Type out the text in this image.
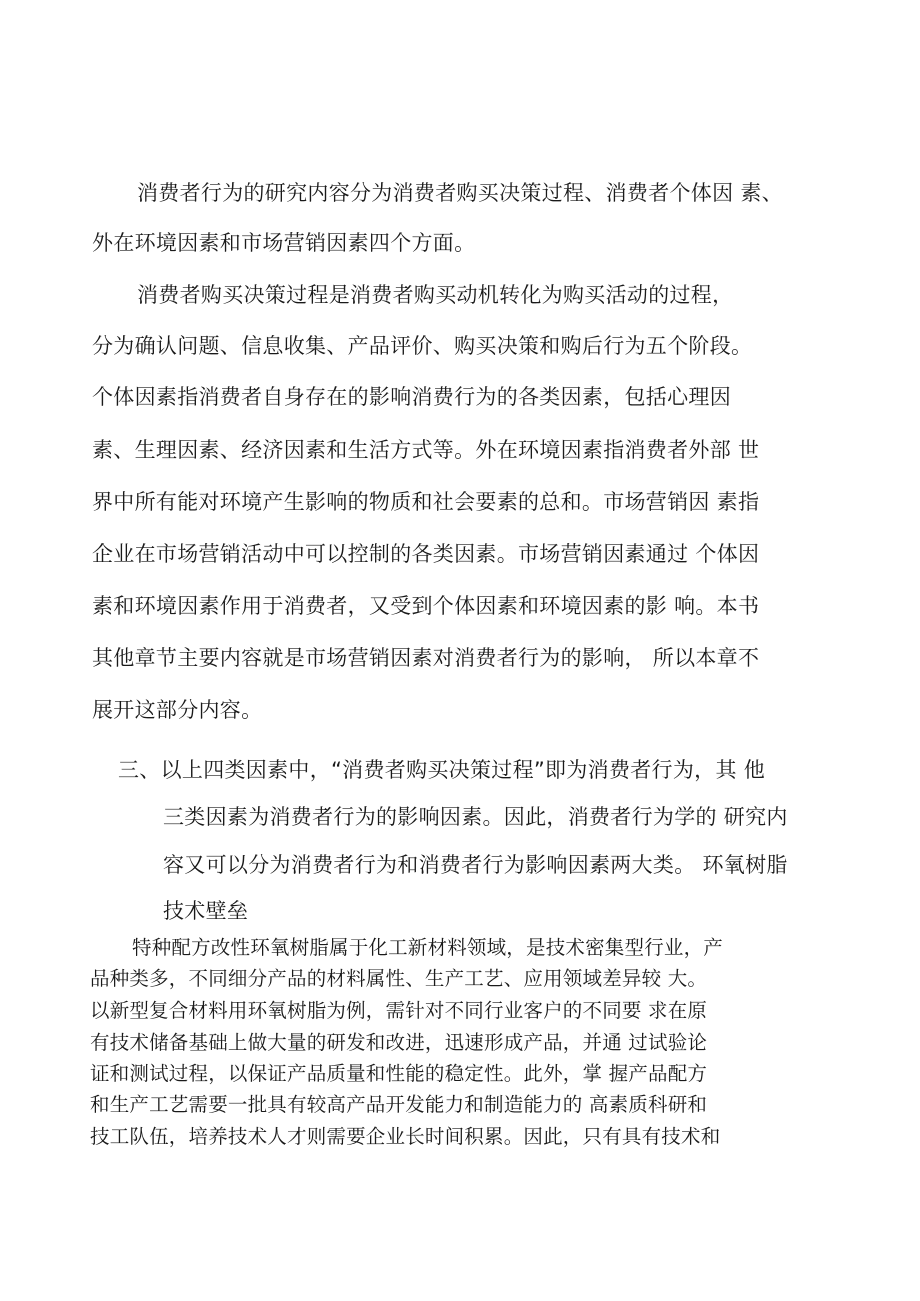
消费者行为的研究内容分为消费者购买决策过程、消费者个体因 素、
外在环境因素和市场营销因素四个方面。
消费者购买决策过程是消费者购买动机转化为购买活动的过程，
分为确认问题、信息收集、产品评价、购买决策和购后行为五个阶段。
个体因素指消费者自身存在的影响消费行为的各类因素，包括心理因
素、生理因素、经济因素和生活方式等。外在环境因素指消费者外部 世
界中所有能对环境产生影响的物质和社会要素的总和。市场营销因 素指
企业在市场营销活动中可以控制的各类因素。市场营销因素通过 个体因
素和环境因素作用于消费者，又受到个体因素和环境因素的影 响。本书
其他章节主要内容就是市场营销因素对消费者行为的影响， 所以本章不
展开这部分内容。
三、以上四类因素中，“消费者购买决策过程”即为消费者行为，其 他
三类因素为消费者行为的影响因素。因此，消费者行为学的 研究内
容又可以分为消费者行为和消费者行为影响因素两大类。 环氧树脂
技术壁垒
特种配方改性环氧树脂属于化工新材料领域，是技术密集型行业，产
品种类多，不同细分产品的材料属性、生产工艺、应用领域差异较 大。
以新型复合材料用环氧树脂为例，需针对不同行业客户的不同要 求在原
有技术储备基础上做大量的研发和改进，迅速形成产品，并通 过试验论
证和测试过程，以保证产品质量和性能的稳定性。此外，掌 握产品配方
和生产工艺需要一批具有较高产品开发能力和制造能力的 高素质科研和
技工队伍，培养技术人才则需要企业长时间积累。因此，只有具有技术和
